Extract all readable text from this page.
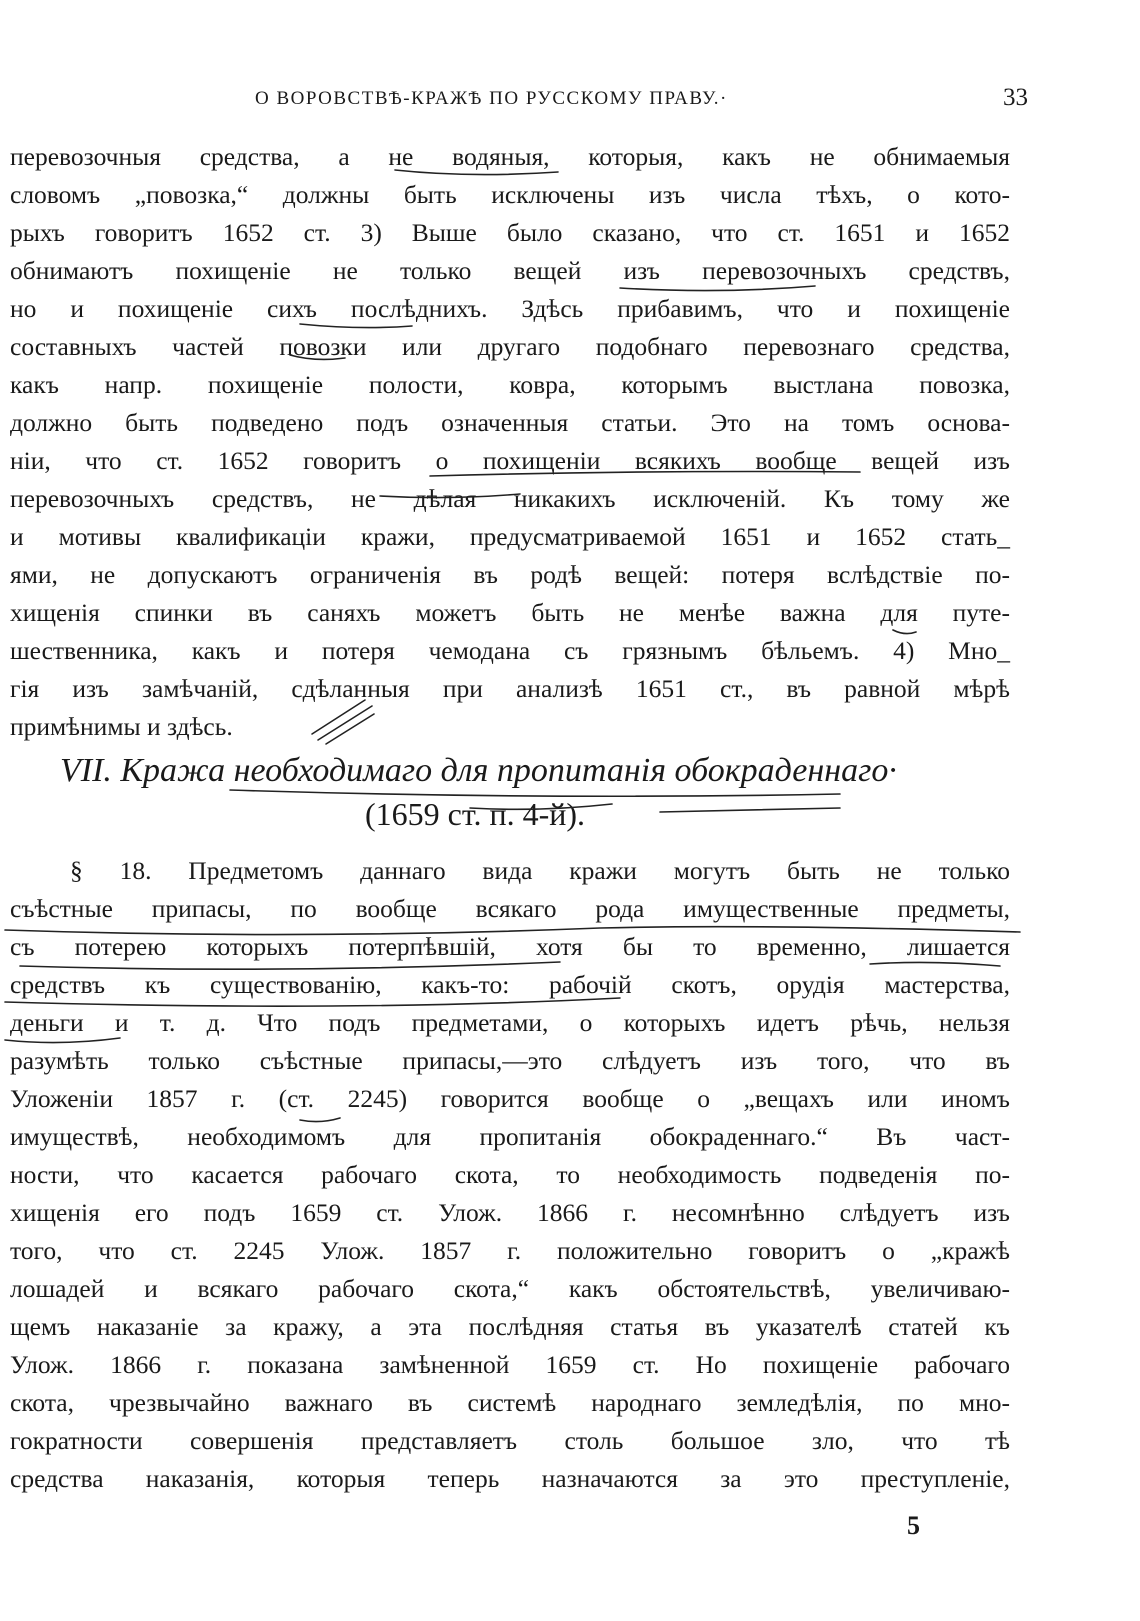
О ВОРОВСТВѢ-КРАЖѢ ПО РУССКОМУ ПРАВУ.·	33
перевозочныя средства, а не водяныя, которыя, какъ не обнимаемыя
словомъ „повозка,“ должны быть исключены изъ числа тѣхъ, о кото-
рыхъ говоритъ 1652 ст. 3) Выше было сказано, что ст. 1651 и 1652
обнимаютъ похищеніе не только вещей изъ перевозочныхъ средствъ,
но и похищеніе сихъ послѣднихъ. Здѣсь прибавимъ, что и похищеніе
составныхъ частей повозки или другаго подобнаго перевознаго средства,
какъ напр. похищеніе полости, ковра, которымъ выстлана повозка,
должно быть подведено подъ означенныя статьи. Это на томъ основа-
ніи, что ст. 1652 говоритъ о похищеніи всякихъ вообще вещей изъ
перевозочныхъ средствъ, не дѣлая никакихъ исключеній. Къ тому же
и мотивы квалификаціи кражи, предусматриваемой 1651 и 1652 стать_
ями, не допускаютъ ограниченія въ родѣ вещей: потеря вслѣдствіе по-
хищенія спинки въ саняхъ можетъ быть не менѣе важна для путе-
шественника, какъ и потеря чемодана съ грязнымъ бѣльемъ. 4) Мно_
гія изъ замѣчаній, сдѣланныя при анализѣ 1651 ст., въ равной мѣрѣ
примѣнимы и здѣсь.
VII. Кража необходимаго для пропитанія обокраденнаго·
(1659 ст. п. 4-й).
§ 18. Предметомъ даннаго вида кражи могутъ быть не только
съѣстные припасы, по вообще всякаго рода имущественные предметы,
съ потерею которыхъ потерпѣвшій, хотя бы то временно, лишается
средствъ къ существованію, какъ-то: рабочій скотъ, орудія мастерства,
деньги и т. д. Что подъ предметами, о которыхъ идетъ рѣчь, нельзя
разумѣть только съѣстные припасы,—это слѣдуетъ изъ того, что въ
Уложеніи 1857 г. (ст. 2245) говорится вообще о „вещахъ или иномъ
имуществѣ, необходимомъ для пропитанія обокраденнаго.“ Въ част-
ности, что касается рабочаго скота, то необходимость подведенія по-
хищенія его подъ 1659 ст. Улож. 1866 г. несомнѣнно слѣдуетъ изъ
того, что ст. 2245 Улож. 1857 г. положительно говоритъ о „кражѣ
лошадей и всякаго рабочаго скота,“ какъ обстоятельствѣ, увеличиваю-
щемъ наказаніе за кражу, а эта послѣдняя статья въ указателѣ статей къ
Улож. 1866 г. показана замѣненной 1659 ст. Но похищеніе рабочаго
скота, чрезвычайно важнаго въ системѣ народнаго земледѣлія, по мно-
гократности совершенія представляетъ столь большое зло, что тѣ
средства наказанія, которыя теперь назначаются за это преступленіе,
5
